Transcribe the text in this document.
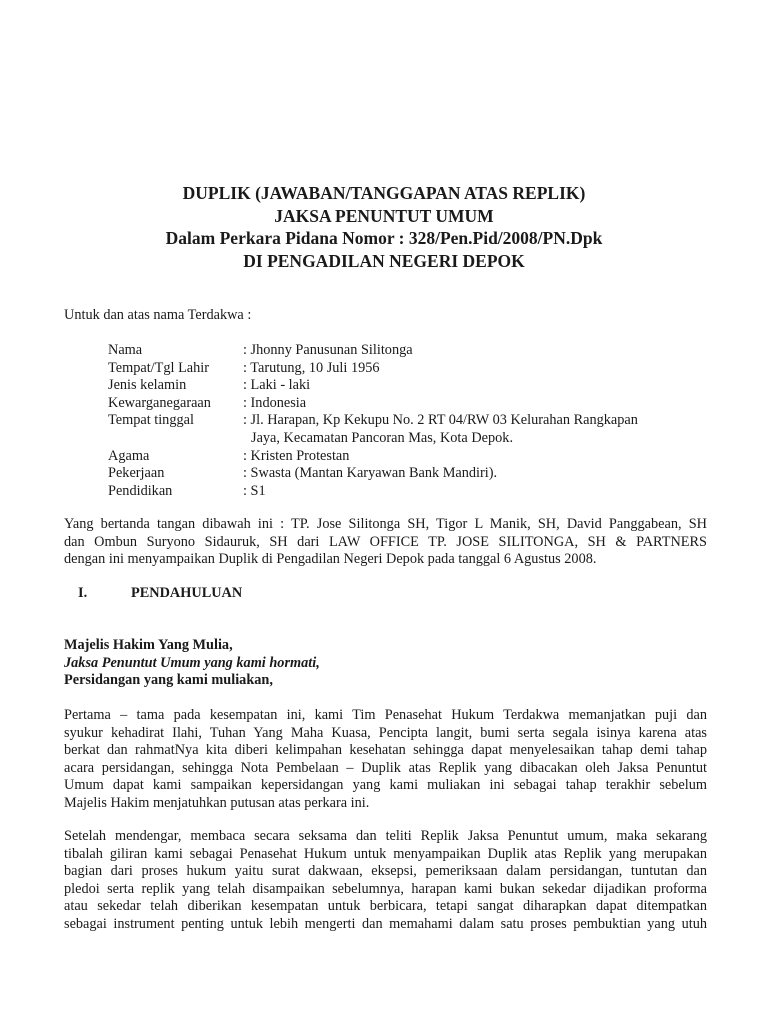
DUPLIK (JAWABAN/TANGGAPAN ATAS REPLIK)
JAKSA PENUNTUT UMUM
Dalam Perkara Pidana Nomor : 328/Pen.Pid/2008/PN.Dpk
DI PENGADILAN NEGERI DEPOK
Untuk dan atas nama Terdakwa :
Nama	: Jhonny Panusunan Silitonga
Tempat/Tgl Lahir	: Tarutung, 10 Juli 1956
Jenis kelamin	: Laki - laki
Kewarganegaraan	: Indonesia
Tempat tinggal	: Jl. Harapan, Kp Kekupu No. 2 RT 04/RW 03 Kelurahan Rangkapan
Jaya, Kecamatan Pancoran Mas, Kota Depok.
Agama	: Kristen Protestan
Pekerjaan	: Swasta (Mantan Karyawan Bank Mandiri).
Pendidikan	: S1
Yang bertanda tangan dibawah ini : TP. Jose Silitonga SH, Tigor L Manik, SH, David Panggabean, SH
dan Ombun Suryono Sidauruk, SH dari LAW OFFICE TP. JOSE SILITONGA, SH & PARTNERS
dengan ini menyampaikan Duplik di Pengadilan Negeri Depok pada tanggal 6 Agustus 2008.
I.	PENDAHULUAN
Majelis Hakim Yang Mulia,
Jaksa Penuntut Umum yang kami hormati,
Persidangan yang kami muliakan,
Pertama – tama pada kesempatan ini, kami Tim Penasehat Hukum Terdakwa memanjatkan puji dan
syukur kehadirat Ilahi, Tuhan Yang Maha Kuasa, Pencipta langit, bumi serta segala isinya karena atas
berkat dan rahmatNya kita diberi kelimpahan kesehatan sehingga dapat menyelesaikan tahap demi tahap
acara persidangan, sehingga Nota Pembelaan – Duplik atas Replik yang dibacakan oleh Jaksa Penuntut
Umum dapat kami sampaikan kepersidangan yang kami muliakan ini sebagai tahap terakhir sebelum
Majelis Hakim menjatuhkan putusan atas perkara ini.
Setelah mendengar, membaca secara seksama dan teliti Replik Jaksa Penuntut umum, maka sekarang
tibalah giliran kami sebagai Penasehat Hukum untuk menyampaikan Duplik atas Replik yang merupakan
bagian dari proses hukum yaitu surat dakwaan, eksepsi, pemeriksaan dalam persidangan, tuntutan dan
pledoi serta replik yang telah disampaikan sebelumnya, harapan kami bukan sekedar dijadikan proforma
atau sekedar telah diberikan kesempatan untuk berbicara, tetapi sangat diharapkan dapat ditempatkan
sebagai instrument penting untuk lebih mengerti dan memahami dalam satu proses pembuktian yang utuh
